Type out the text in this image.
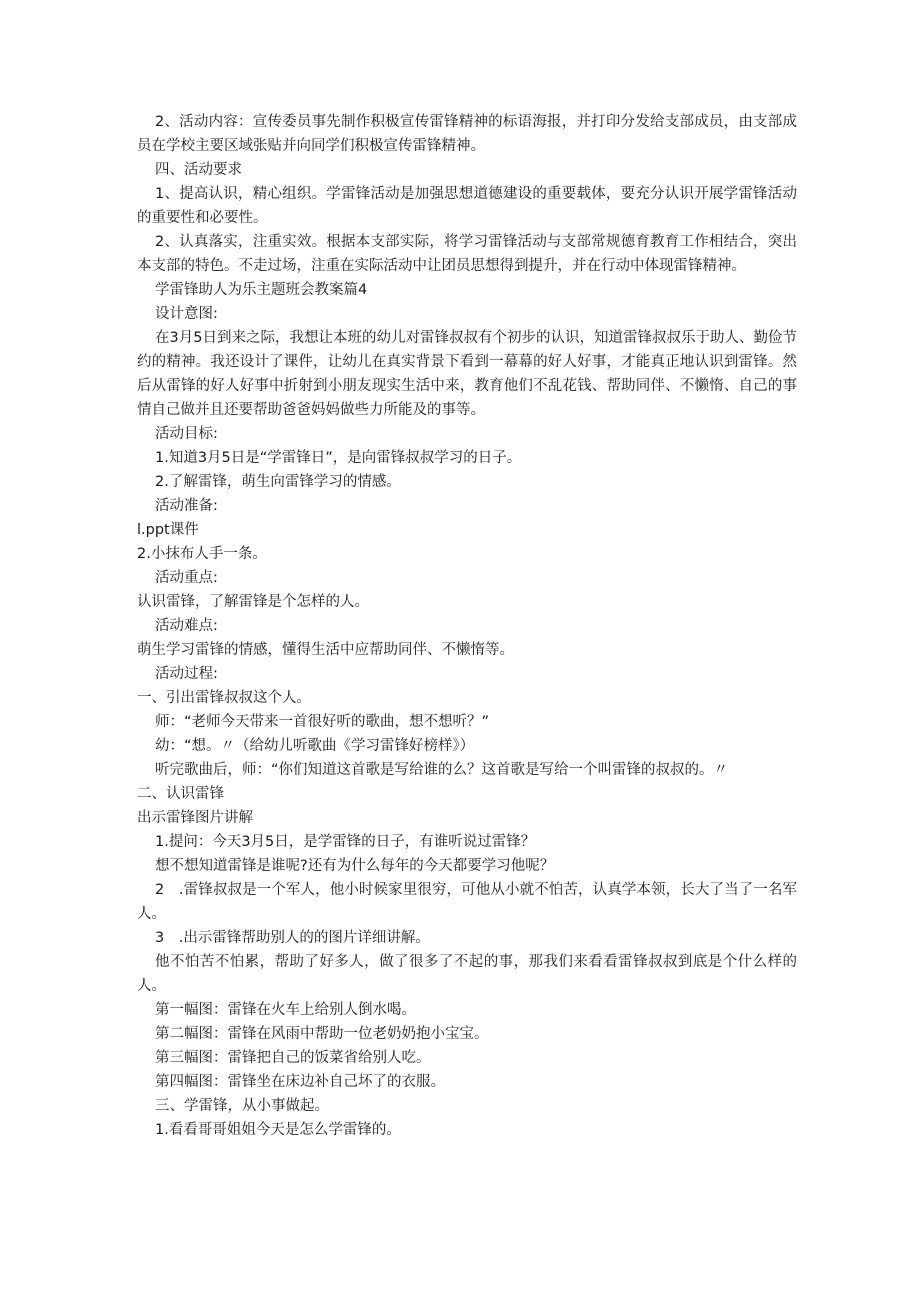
2、活动内容：宣传委员事先制作积极宣传雷锋精神的标语海报，并打印分发给支部成员，由支部成员在学校主要区域张贴并向同学们积极宣传雷锋精神。

四、活动要求

1、提高认识，精心组织。学雷锋活动是加强思想道德建设的重要载体，要充分认识开展学雷锋活动的重要性和必要性。

2、认真落实，注重实效。根据本支部实际，将学习雷锋活动与支部常规德育教育工作相结合，突出本支部的特色。不走过场，注重在实际活动中让团员思想得到提升，并在行动中体现雷锋精神。

学雷锋助人为乐主题班会教案篇4

设计意图:

在3月5日到来之际，我想让本班的幼儿对雷锋叔叔有个初步的认识，知道雷锋叔叔乐于助人、勤俭节约的精神。我还设计了课件，让幼儿在真实背景下看到一幕幕的好人好事，才能真正地认识到雷锋。然后从雷锋的好人好事中折射到小朋友现实生活中来，教育他们不乱花钱、帮助同伴、不懒惰、自己的事情自己做并且还要帮助爸爸妈妈做些力所能及的事等。

活动目标:

1.知道3月5日是“学雷锋日”，是向雷锋叔叔学习的日子。

2.了解雷锋，萌生向雷锋学习的情感。

活动准备:

l.ppt课件

2.小抹布人手一条。

活动重点:

认识雷锋，了解雷锋是个怎样的人。

活动难点:

萌生学习雷锋的情感，懂得生活中应帮助同伴、不懒惰等。

活动过程:

一、引出雷锋叔叔这个人。

师：“老师今天带来一首很好听的歌曲，想不想听？”

幼：“想。〃（给幼儿听歌曲《学习雷锋好榜样》）

听完歌曲后，师：“你们知道这首歌是写给谁的么？这首歌是写给一个叫雷锋的叔叔的。〃

二、认识雷锋

出示雷锋图片讲解

1.提问：今天3月5日，是学雷锋的日子，有谁听说过雷锋？

想不想知道雷锋是谁呢?还有为什么每年的今天都要学习他呢？

2　.雷锋叔叔是一个军人，他小时候家里很穷，可他从小就不怕苦，认真学本领，长大了当了一名军人。

3　.出示雷锋帮助别人的的图片详细讲解。

他不怕苦不怕累，帮助了好多人，做了很多了不起的事，那我们来看看雷锋叔叔到底是个什么样的人。

第一幅图：雷锋在火车上给别人倒水喝。

第二幅图：雷锋在风雨中帮助一位老奶奶抱小宝宝。

第三幅图：雷锋把自己的饭菜省给别人吃。

第四幅图：雷锋坐在床边补自己坏了的衣服。

三、学雷锋，从小事做起。

1.看看哥哥姐姐今天是怎么学雷锋的。
